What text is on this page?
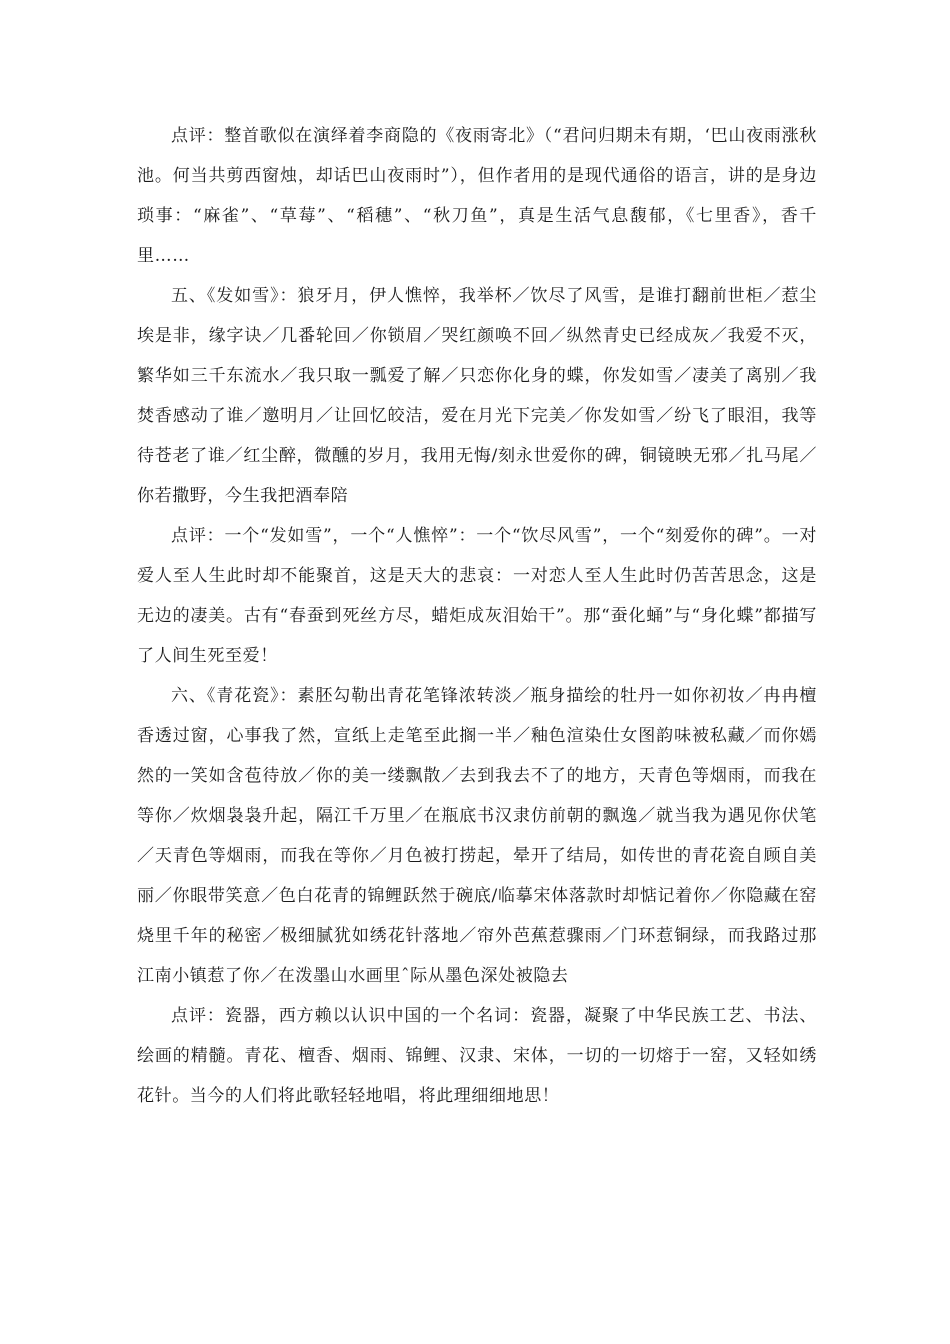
点评：整首歌似在演绎着李商隐的《夜雨寄北》（“君问归期未有期，‘巴山夜雨涨秋池。何当共剪西窗烛，却话巴山夜雨时”），但作者用的是现代通俗的语言，讲的是身边琐事：“麻雀”、“草莓”、“稻穗”、“秋刀鱼”，真是生活气息馥郁，《七里香》，香千里……

五、《发如雪》：狼牙月，伊人憔悴，我举杯／饮尽了风雪，是谁打翻前世柜／惹尘埃是非，缘字诀／几番轮回／你锁眉／哭红颜唤不回／纵然青史已经成灰／我爱不灭，繁华如三千东流水／我只取一瓢爱了解／只恋你化身的蝶，你发如雪／凄美了离别／我焚香感动了谁／邀明月／让回忆皎洁，爱在月光下完美／你发如雪／纷飞了眼泪，我等待苍老了谁／红尘醉，微醺的岁月，我用无悔/刻永世爱你的碑，铜镜映无邪／扎马尾／你若撒野，今生我把酒奉陪

点评：一个“发如雪”，一个“人憔悴”：一个“饮尽风雪”，一个“刻爱你的碑”。一对爱人至人生此时却不能聚首，这是天大的悲哀：一对恋人至人生此时仍苦苦思念，这是无边的凄美。古有“春蚕到死丝方尽，蜡炬成灰泪始干”。那“蚕化蛹”与“身化蝶”都描写了人间生死至爱！

六、《青花瓷》：素胚勾勒出青花笔锋浓转淡／瓶身描绘的牡丹一如你初妆／冉冉檀香透过窗，心事我了然，宣纸上走笔至此搁一半／釉色渲染仕女图韵味被私藏／而你嫣然的一笑如含苞待放／你的美一缕飘散／去到我去不了的地方，天青色等烟雨，而我在等你／炊烟袅袅升起，隔江千万里／在瓶底书汉隶仿前朝的飘逸／就当我为遇见你伏笔／天青色等烟雨，而我在等你／月色被打捞起，晕开了结局，如传世的青花瓷自顾自美丽／你眼带笑意／色白花青的锦鲤跃然于碗底/临摹宋体落款时却惦记着你／你隐藏在窑烧里千年的秘密／极细腻犹如绣花针落地／帘外芭蕉惹骤雨／门环惹铜绿，而我路过那江南小镇惹了你／在泼墨山水画里ˆ际从墨色深处被隐去

点评：瓷器，西方赖以认识中国的一个名词：瓷器，凝聚了中华民族工艺、书法、绘画的精髓。青花、檀香、烟雨、锦鲤、汉隶、宋体，一切的一切熔于一窑，又轻如绣花针。当今的人们将此歌轻轻地唱，将此理细细地思！
